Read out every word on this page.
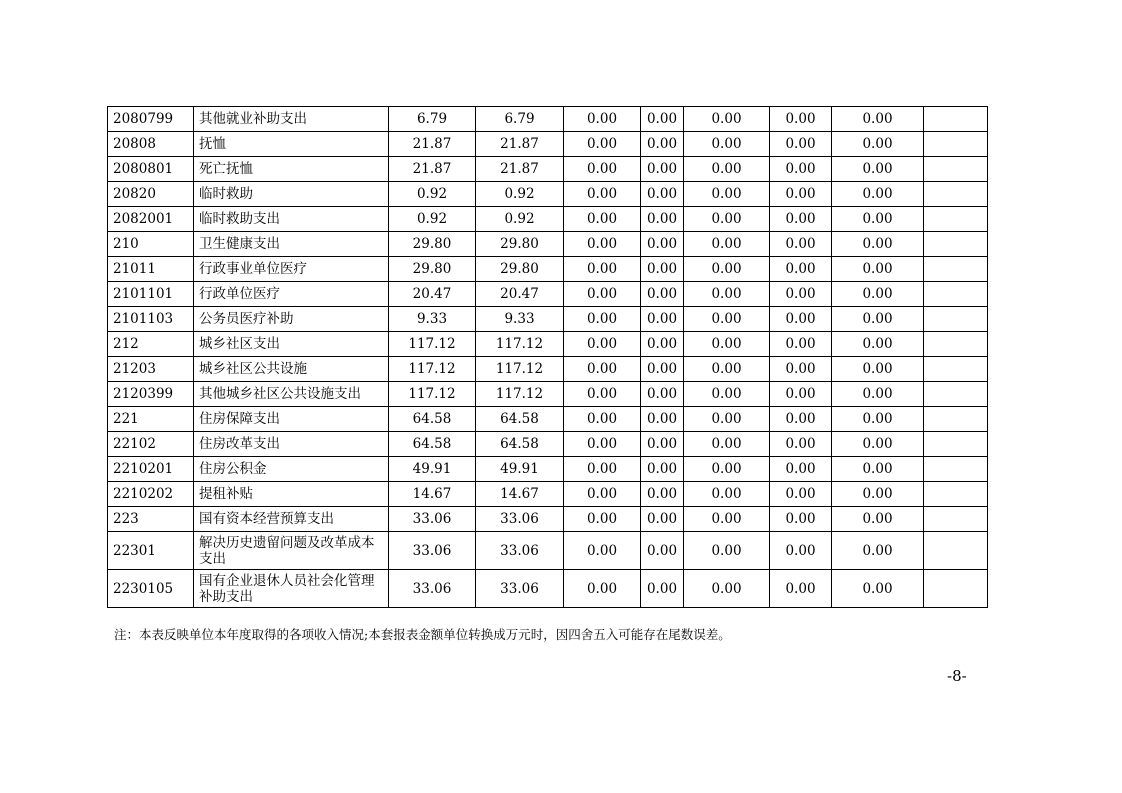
2080799	其他就业补助支出	6.79	6.79	0.00	0.00	0.00	0.00	0.00	
20808	抚恤	21.87	21.87	0.00	0.00	0.00	0.00	0.00	
2080801	死亡抚恤	21.87	21.87	0.00	0.00	0.00	0.00	0.00	
20820	临时救助	0.92	0.92	0.00	0.00	0.00	0.00	0.00	
2082001	临时救助支出	0.92	0.92	0.00	0.00	0.00	0.00	0.00	
210	卫生健康支出	29.80	29.80	0.00	0.00	0.00	0.00	0.00	
21011	行政事业单位医疗	29.80	29.80	0.00	0.00	0.00	0.00	0.00	
2101101	行政单位医疗	20.47	20.47	0.00	0.00	0.00	0.00	0.00	
2101103	公务员医疗补助	9.33	9.33	0.00	0.00	0.00	0.00	0.00	
212	城乡社区支出	117.12	117.12	0.00	0.00	0.00	0.00	0.00	
21203	城乡社区公共设施	117.12	117.12	0.00	0.00	0.00	0.00	0.00	
2120399	其他城乡社区公共设施支出	117.12	117.12	0.00	0.00	0.00	0.00	0.00	
221	住房保障支出	64.58	64.58	0.00	0.00	0.00	0.00	0.00	
22102	住房改革支出	64.58	64.58	0.00	0.00	0.00	0.00	0.00	
2210201	住房公积金	49.91	49.91	0.00	0.00	0.00	0.00	0.00	
2210202	提租补贴	14.67	14.67	0.00	0.00	0.00	0.00	0.00	
223	国有资本经营预算支出	33.06	33.06	0.00	0.00	0.00	0.00	0.00	
22301	解决历史遗留问题及改革成本支出	33.06	33.06	0.00	0.00	0.00	0.00	0.00	
2230105	国有企业退休人员社会化管理补助支出	33.06	33.06	0.00	0.00	0.00	0.00	0.00	
注：本表反映单位本年度取得的各项收入情况;本套报表金额单位转换成万元时，因四舍五入可能存在尾数误差。
-8-
